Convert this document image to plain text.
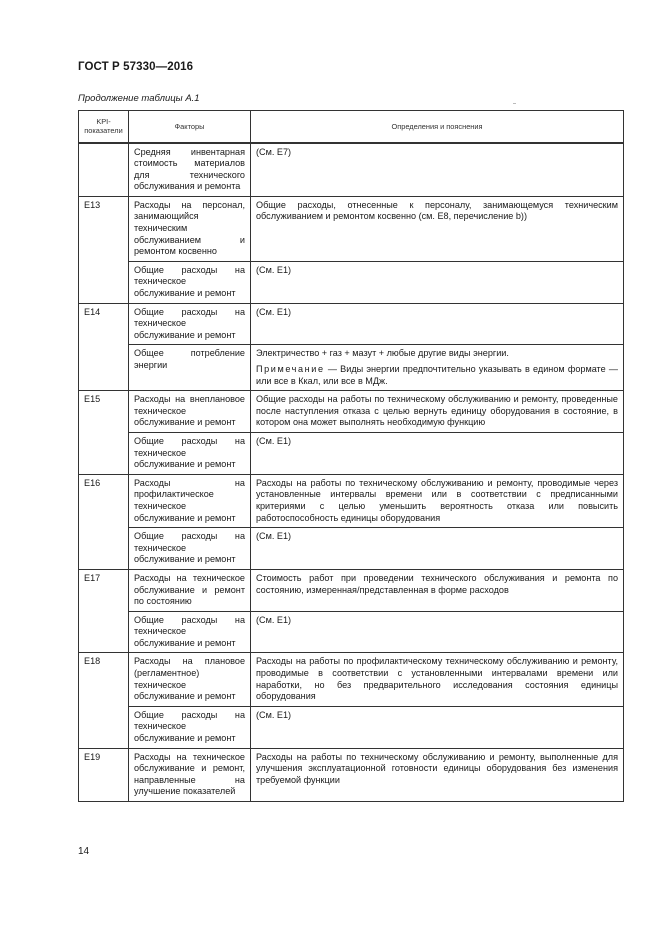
ГОСТ Р 57330—2016
Продолжение таблицы А.1
KPI-показатели	Факторы	Определения и пояснения
	Средняя инвентарная стоимость материалов для технического обслуживания и ремонта	(См. Е7)
Е13	Расходы на персонал, занимающийся техническим обслуживанием и ремонтом косвенно	Общие расходы, отнесенные к персоналу, занимающемуся техническим обслуживанием и ремонтом косвенно (см. Е8, перечисление b))
	Общие расходы на техническое обслуживание и ремонт	(См. Е1)
Е14	Общие расходы на техническое обслуживание и ремонт	(См. Е1)
	Общее потребление энергии	Электричество + газ + мазут + любые другие виды энергии.
Примечание — Виды энергии предпочтительно указывать в едином формате — или все в Ккал, или все в МДж.

Е15	Расходы на внеплановое техническое обслуживание и ремонт	Общие расходы на работы по техническому обслуживанию и ремонту, проведенные после наступления отказа с целью вернуть единицу оборудования в состояние, в котором она может выполнять необходимую функцию
	Общие расходы на техническое обслуживание и ремонт	(См. Е1)
Е16	Расходы на профилактическое техническое обслуживание и ремонт	Расходы на работы по техническому обслуживанию и ремонту, проводимые через установленные интервалы времени или в соответствии с предписанными критериями с целью уменьшить вероятность отказа или повысить работоспособность единицы оборудования
	Общие расходы на техническое обслуживание и ремонт	(См. Е1)
Е17	Расходы на техническое обслуживание и ремонт по состоянию	Стоимость работ при проведении технического обслуживания и ремонта по состоянию, измеренная/представленная в форме расходов
	Общие расходы на техническое обслуживание и ремонт	(См. Е1)
Е18	Расходы на плановое (регламентное) техническое обслуживание и ремонт	Расходы на работы по профилактическому техническому обслуживанию и ремонту, проводимые в соответствии с установленными интервалами времени или наработки, но без предварительного исследования состояния единицы оборудования
	Общие расходы на техническое обслуживание и ремонт	(См. Е1)
Е19	Расходы на техническое обслуживание и ремонт, направленные на улучшение показателей	Расходы на работы по техническому обслуживанию и ремонту, выполненные для улучшения эксплуатационной готовности единицы оборудования без изменения требуемой функции
14
